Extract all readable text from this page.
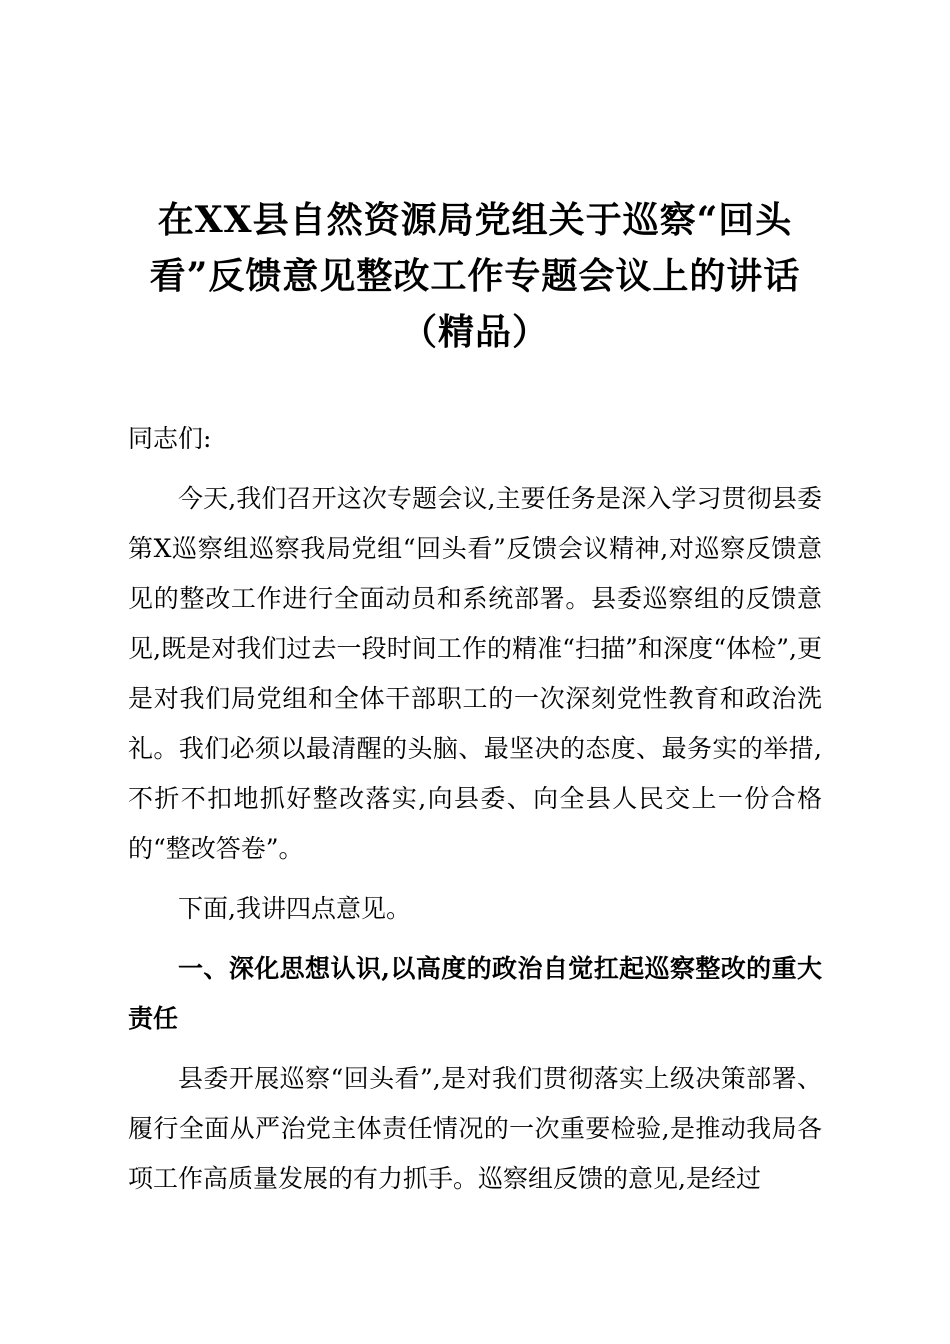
在XX县自然资源局党组关于巡察“回头
看”反馈意见整改工作专题会议上的讲话
（精品）

同志们:

今天,我们召开这次专题会议,主要任务是深入学习贯彻县委第X巡察组巡察我局党组“回头看”反馈会议精神,对巡察反馈意见的整改工作进行全面动员和系统部署。县委巡察组的反馈意见,既是对我们过去一段时间工作的精准“扫描”和深度“体检”,更是对我们局党组和全体干部职工的一次深刻党性教育和政治洗礼。我们必须以最清醒的头脑、最坚决的态度、最务实的举措,不折不扣地抓好整改落实,向县委、向全县人民交上一份合格的“整改答卷”。

下面,我讲四点意见。

一、深化思想认识,以高度的政治自觉扛起巡察整改的重大责任

县委开展巡察“回头看”,是对我们贯彻落实上级决策部署、履行全面从严治党主体责任情况的一次重要检验,是推动我局各项工作高质量发展的有力抓手。巡察组反馈的意见,是经过
